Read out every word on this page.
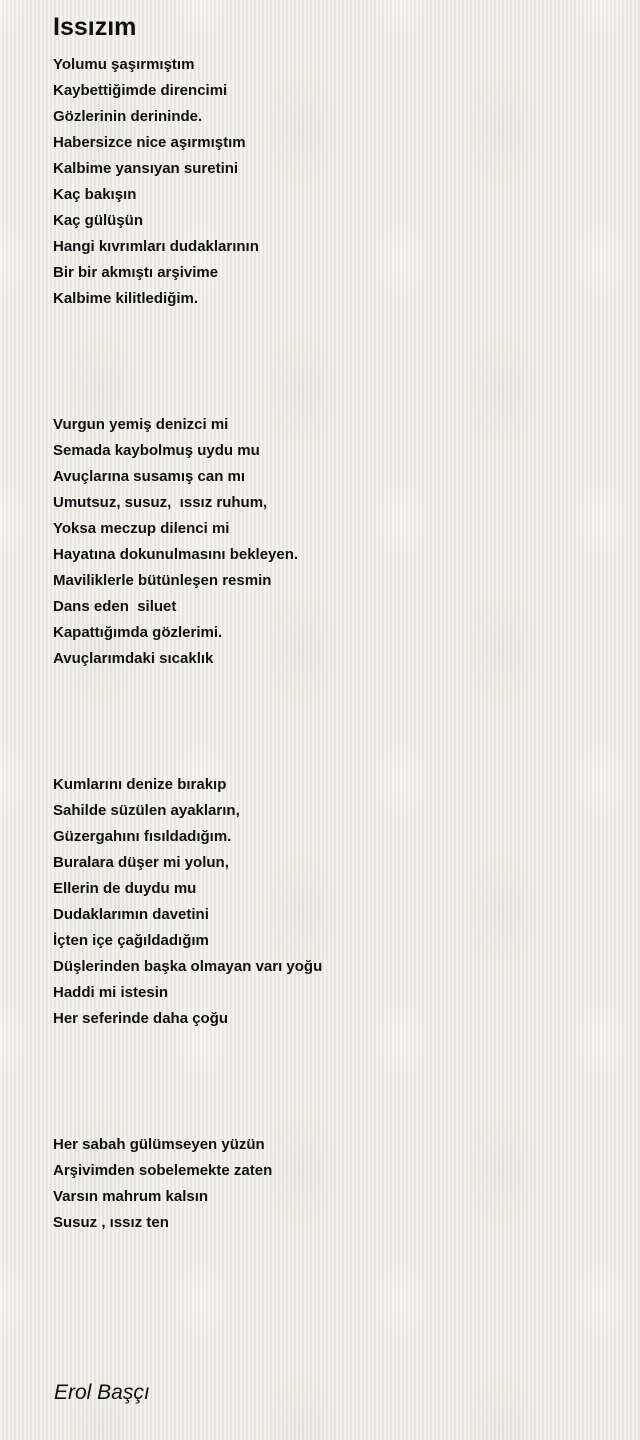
Issızım

Yolumu şaşırmıştım
Kaybettiğimde direncimi
Gözlerinin derininde.
Habersizce nice aşırmıştım
Kalbime yansıyan suretini
Kaç bakışın
Kaç gülüşün
Hangi kıvrımları dudaklarının
Bir bir akmıştı arşivime
Kalbime kilitlediğim.

Vurgun yemiş denizci mi
Semada kaybolmuş uydu mu
Avuçlarına susamış can mı
Umutsuz, susuz,  ıssız ruhum,
Yoksa meczup dilenci mi
Hayatına dokunulmasını bekleyen.
Maviliklerle bütünleşen resmin
Dans eden  siluet
Kapattığımda gözlerimi.
Avuçlarımdaki sıcaklık

Kumlarını denize bırakıp
Sahilde süzülen ayakların,
Güzergahını fısıldadığım.
Buralara düşer mi yolun,
Ellerin de duydu mu
Dudaklarımın davetini
İçten içe çağıldadığım
Düşlerinden başka olmayan varı yoğu
Haddi mi istesin
Her seferinde daha çoğu

Her sabah gülümseyen yüzün
Arşivimden sobelemekte zaten
Varsın mahrum kalsın
Susuz , ıssız ten

Erol Başçı
